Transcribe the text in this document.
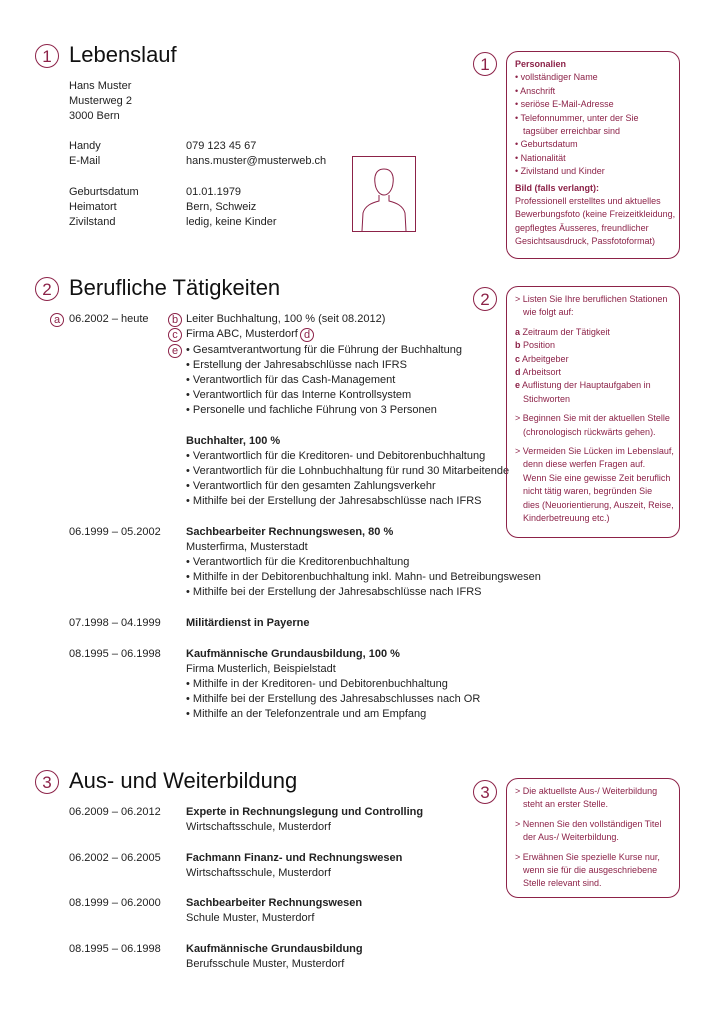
1 Lebenslauf
Hans Muster
Musterweg 2
3000 Bern
Handy	079 123 45 67
E-Mail	hans.muster@musterweb.ch
Geburtsdatum	01.01.1979
Heimatort	Bern, Schweiz
Zivilstand	ledig, keine Kinder
1	Personalien
• vollständiger Name
• Anschrift
• seriöse E-Mail-Adresse
• Telefonnummer, unter der Sie tagsüber erreichbar sind
• Geburtsdatum
• Nationalität
• Zivilstand und Kinder
Bild (falls verlangt):
Professionell erstelltes und aktuelles
Bewerbungsfoto (keine Freizeitkleidung,
gepflegtes Äusseres, freundlicher
Gesichtsausdruck, Passfotoformat)
2 Berufliche Tätigkeiten
a 06.2002 – heute	b Leiter Buchhaltung, 100 % (seit 08.2012)
c Firma ABC, Musterdorf d
e • Gesamtverantwortung für die Führung der Buchhaltung
• Erstellung der Jahresabschlüsse nach IFRS
• Verantwortlich für das Cash-Management
• Verantwortlich für das Interne Kontrollsystem
• Personelle und fachliche Führung von 3 Personen
Buchhalter, 100 %
• Verantwortlich für die Kreditoren- und Debitorenbuchhaltung
• Verantwortlich für die Lohnbuchhaltung für rund 30 Mitarbeitende
• Verantwortlich für den gesamten Zahlungsverkehr
• Mithilfe bei der Erstellung der Jahresabschlüsse nach IFRS
06.1999 – 05.2002 Sachbearbeiter Rechnungswesen, 80 %
Musterfirma, Musterstadt
• Verantwortlich für die Kreditorenbuchhaltung
• Mithilfe in der Debitorenbuchhaltung inkl. Mahn- und Betreibungswesen
• Mithilfe bei der Erstellung der Jahresabschlüsse nach IFRS
07.1998 – 04.1999 Militärdienst in Payerne
08.1995 – 06.1998 Kaufmännische Grundausbildung, 100 %
Firma Musterlich, Beispielstadt
• Mithilfe in der Kreditoren- und Debitorenbuchhaltung
• Mithilfe bei der Erstellung des Jahresabschlusses nach OR
• Mithilfe an der Telefonzentrale und am Empfang
2	> Listen Sie Ihre beruflichen Stationen
wie folgt auf:
a Zeitraum der Tätigkeit
b Position
c Arbeitgeber
d Arbeitsort
e Auflistung der Hauptaufgaben in
Stichworten
> Beginnen Sie mit der aktuellen Stelle
(chronologisch rückwärts gehen).
> Vermeiden Sie Lücken im Lebenslauf,
denn diese werfen Fragen auf.
Wenn Sie eine gewisse Zeit beruflich
nicht tätig waren, begründen Sie
dies (Neuorientierung, Auszeit, Reise,
Kinderbetreuung etc.)
3 Aus- und Weiterbildung
06.2009 – 06.2012 Experte in Rechnungslegung und Controlling
Wirtschaftsschule, Musterdorf
06.2002 – 06.2005 Fachmann Finanz- und Rechnungswesen
Wirtschaftsschule, Musterdorf
08.1999 – 06.2000 Sachbearbeiter Rechnungswesen
Schule Muster, Musterdorf
08.1995 – 06.1998 Kaufmännische Grundausbildung
Berufsschule Muster, Musterdorf
3	> Die aktuellste Aus-/ Weiterbildung
steht an erster Stelle.
> Nennen Sie den vollständigen Titel
der Aus-/ Weiterbildung.
> Erwähnen Sie spezielle Kurse nur,
wenn sie für die ausgeschriebene
Stelle relevant sind.
